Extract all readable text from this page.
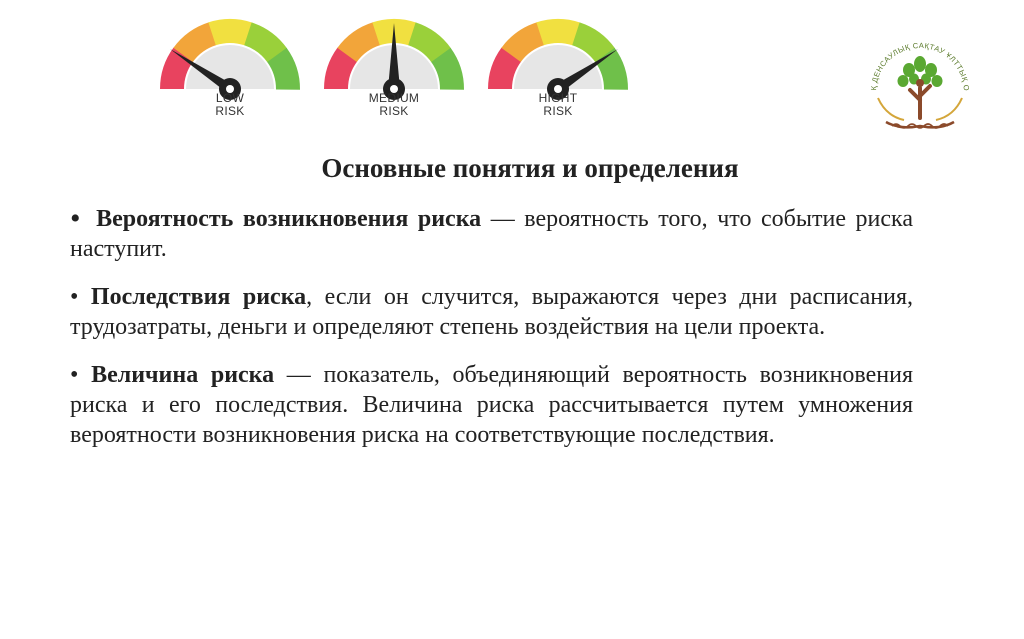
LOW
RISK
MEDIUM
RISK
HIGHT
RISK
КОҒАМДЫҚ ДЕНСАУЛЫҚ САҚТАУ ҰЛТТЫҚ ОРТАЛЫҒЫ
Основные понятия и определения

• Вероятность возникновения риска — вероятность того, что событие риска наступит.

• Последствия риска, если он случится, выражаются через дни расписания, трудозатраты, деньги и определяют степень воздействия на цели проекта.

• Величина риска — показатель, объединяющий вероятность возникновения риска и его последствия. Величина риска рассчитывается путем умножения вероятности возникновения риска на соответствующие последствия.
